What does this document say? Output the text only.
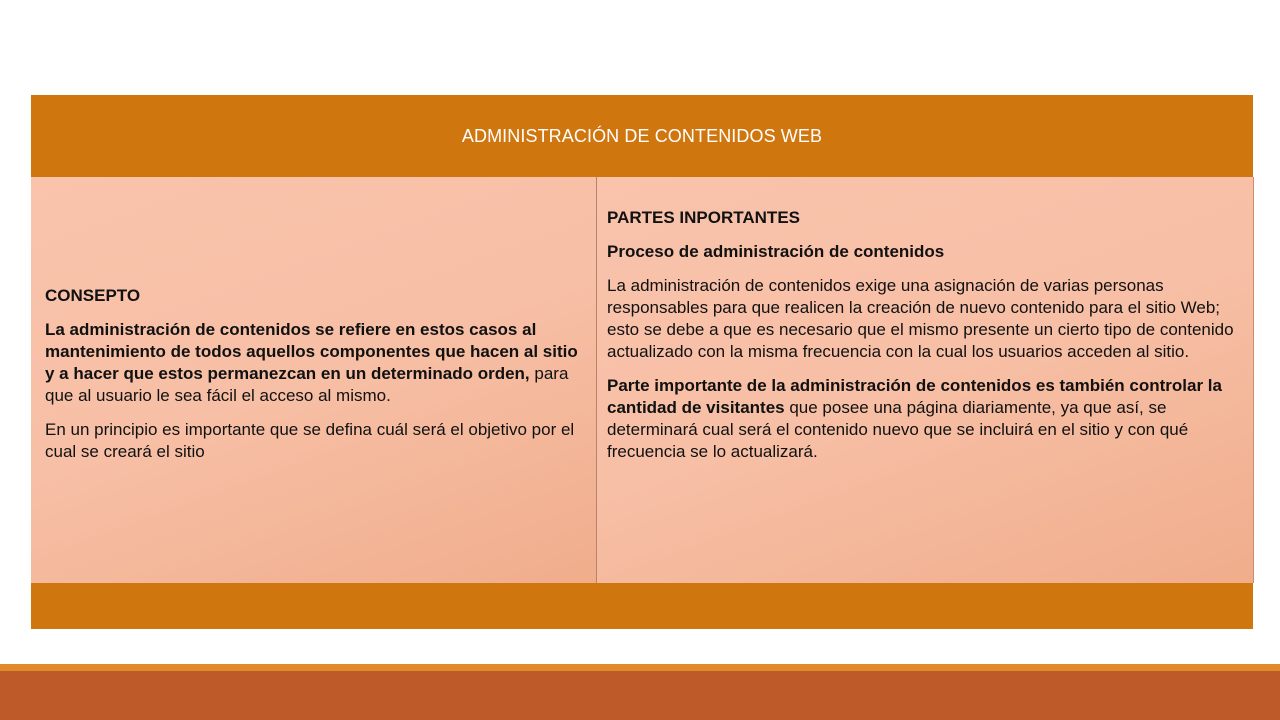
ADMINISTRACIÓN DE CONTENIDOS WEB

CONSEPTO

La administración de contenidos se refiere en estos casos al mantenimiento de todos aquellos componentes que hacen al sitio y a hacer que estos permanezcan en un determinado orden, para que al usuario le sea fácil el acceso al mismo.

En un principio es importante que se defina cuál será el objetivo por el cual se creará el sitio

PARTES INPORTANTES

Proceso de administración de contenidos

La administración de contenidos exige una asignación de varias personas responsables para que realicen la creación de nuevo contenido para el sitio Web; esto se debe a que es necesario que el mismo presente un cierto tipo de contenido actualizado con la misma frecuencia con la cual los usuarios acceden al sitio.

Parte importante de la administración de contenidos es también controlar la cantidad de visitantes que posee una página diariamente, ya que así, se determinará cual será el contenido nuevo que se incluirá en el sitio y con qué frecuencia se lo actualizará.
